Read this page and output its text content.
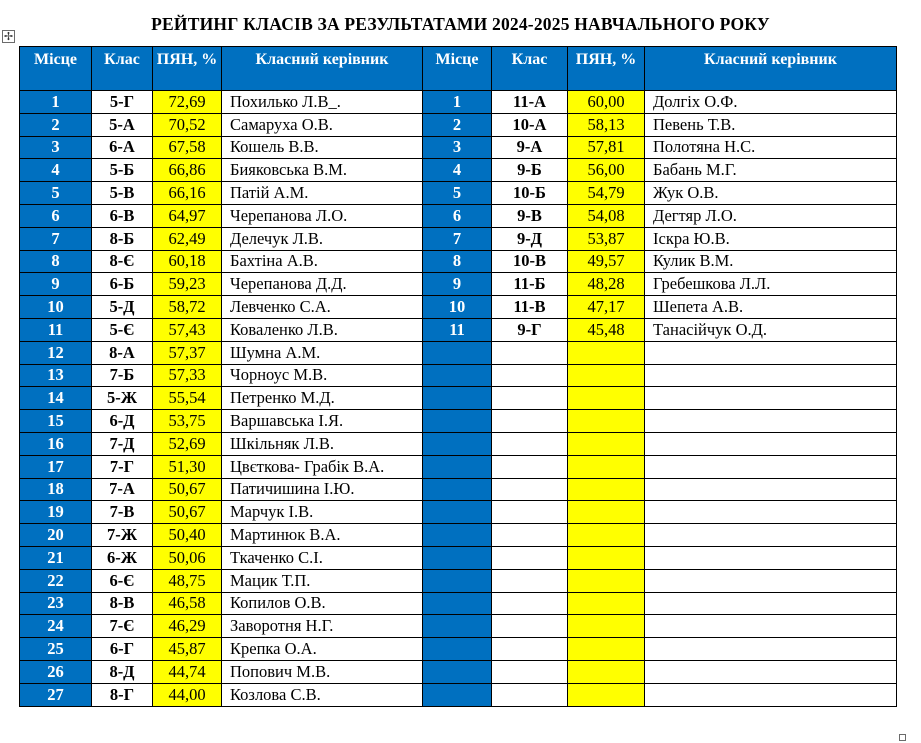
РЕЙТИНГ КЛАСІВ ЗА РЕЗУЛЬТАТАМИ 2024-2025 НАВЧАЛЬНОГО РОКУ
✢
Місце	Клас	ПЯН, %	Класний керівник	Місце	Клас	ПЯН, %	Класний керівник
1	5-Г	72,69	Похилько Л.В_.	1	11-А	60,00	Долгіх О.Ф.
2	5-А	70,52	Самаруха О.В.	2	10-А	58,13	Певень Т.В.
3	6-А	67,58	Кошель В.В.	3	9-А	57,81	Полотяна Н.С.
4	5-Б	66,86	Бияковська В.М.	4	9-Б	56,00	Бабань М.Г.
5	5-В	66,16	Патій А.М.	5	10-Б	54,79	Жук О.В.
6	6-В	64,97	Черепанова Л.О.	6	9-В	54,08	Дегтяр Л.О.
7	8-Б	62,49	Делечук Л.В.	7	9-Д	53,87	Іскра Ю.В.
8	8-Є	60,18	Бахтіна А.В.	8	10-В	49,57	Кулик В.М.
9	6-Б	59,23	Черепанова Д.Д.	9	11-Б	48,28	Гребешкова Л.Л.
10	5-Д	58,72	Левченко С.А.	10	11-В	47,17	Шепета А.В.
11	5-Є	57,43	Коваленко Л.В.	11	9-Г	45,48	Танасійчук О.Д.
12	8-А	57,37	Шумна А.М.				
13	7-Б	57,33	Чорноус М.В.				
14	5-Ж	55,54	Петренко М.Д.				
15	6-Д	53,75	Варшавська І.Я.				
16	7-Д	52,69	Шкільняк Л.В.				
17	7-Г	51,30	Цвєткова- Грабік В.А.				
18	7-А	50,67	Патичишина І.Ю.				
19	7-В	50,67	Марчук І.В.				
20	7-Ж	50,40	Мартинюк В.А.				
21	6-Ж	50,06	Ткаченко С.І.				
22	6-Є	48,75	Мацик Т.П.				
23	8-В	46,58	Копилов О.В.				
24	7-Є	46,29	Заворотня Н.Г.				
25	6-Г	45,87	Крепка О.А.				
26	8-Д	44,74	Попович М.В.				
27	8-Г	44,00	Козлова С.В.				
